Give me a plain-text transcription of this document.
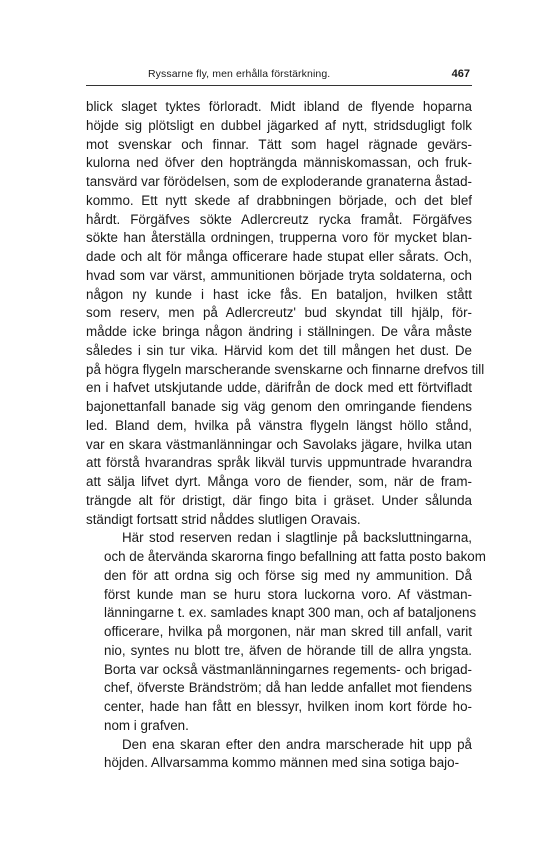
Ryssarne fly, men erhålla förstärkning.	467
blick slaget tyktes förloradt. Midt ibland de flyende hoparna
höjde sig plötsligt en dubbel jägarked af nytt, stridsdugligt folk
mot svenskar och finnar. Tätt som hagel rägnade gevärs-
kulorna ned öfver den hopträngda människomassan, och fruk-
tansvärd var förödelsen, som de exploderande granaterna åstad-
kommo. Ett nytt skede af drabbningen började, och det blef
hårdt. Förgäfves sökte Adlercreutz rycka framåt. Förgäfves
sökte han återställa ordningen, trupperna voro för mycket blan-
dade och alt för många officerare hade stupat eller sårats. Och,
hvad som var värst, ammunitionen började tryta soldaterna, och
någon ny kunde i hast icke fås. En bataljon, hvilken stått
som reserv, men på Adlercreutz' bud skyndat till hjälp, för-
mådde icke bringa någon ändring i ställningen. De våra måste
således i sin tur vika. Härvid kom det till mången het dust. De
på högra flygeln marscherande svenskarne och finnarne drefvos till
en i hafvet utskjutande udde, därifrån de dock med ett förtvifladt
bajonettanfall banade sig väg genom den omringande fiendens
led. Bland dem, hvilka på vänstra flygeln längst höllo stånd,
var en skara västmanlänningar och Savolaks jägare, hvilka utan
att förstå hvarandras språk likväl turvis uppmuntrade hvarandra
att sälja lifvet dyrt. Många voro de fiender, som, när de fram-
trängde alt för dristigt, där fingo bita i gräset. Under sålunda
ständigt fortsatt strid nåddes slutligen Oravais.
Här stod reserven redan i slagtlinje på backsluttningarna,
och de återvända skarorna fingo befallning att fatta posto bakom
den för att ordna sig och förse sig med ny ammunition. Då
först kunde man se huru stora luckorna voro. Af västman-
länningarne t. ex. samlades knapt 300 man, och af bataljonens
officerare, hvilka på morgonen, när man skred till anfall, varit
nio, syntes nu blott tre, äfven de hörande till de allra yngsta.
Borta var också västmanlänningarnes regements- och brigad-
chef, öfverste Brändström; då han ledde anfallet mot fiendens
center, hade han fått en blessyr, hvilken inom kort förde ho-
nom i grafven.
Den ena skaran efter den andra marscherade hit upp på
höjden. Allvarsamma kommo männen med sina sotiga bajo-
